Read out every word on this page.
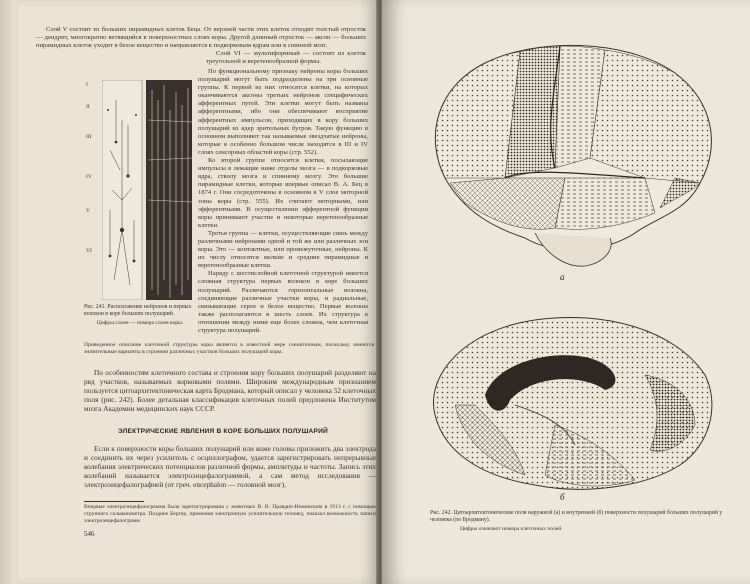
Слой V состоит из больших пирамидных клеток Беца. От верхней части этих клеток отходит толстый отросток — дендрит, многократно ветвящийся в поверхностных слоях коры. Другой длинный отросток — аксон — больших пирамидных клеток уходит в белое вещество и направляется к подкорковым ядрам или в спинной мозг.

Слой VI — мультиформный — состоит из клеток треугольной и веретенообразной формы.

I
II
III
IV
V
VI

По функциональному признаку нейроны коры больших полушарий могут быть подразделены на три основные группы. К первой из них относятся клетки, на которых оканчиваются аксоны третьих нейронов специфических афферентных путей. Эти клетки могут быть названы афферентными, ибо они обеспечивают восприятие афферентных импульсов, приходящих в кору больших полушарий из ядер зрительных бугров. Такую функцию в основном выполняют так называемые звездчатые нейроны, которые в особенно большом числе находятся в III и IV слоях сенсорных областей коры (стр. 552).

Ко второй группе относятся клетки, посылающие импульсы в лежащие ниже отделы мозга — в подкорковые ядра, стволу мозга и спинному мозгу. Это большие пирамидные клетки, которые впервые описал В. А. Бец в 1874 г. Они сосредоточены в основном в V слое моторной зоны коры (стр. 555). Их считают моторными, или эфферентными. В осуществлении эфферентной функции коры принимают участие и некоторые веретенообразные клетки.

Третья группа — клетки, осуществляющие связь между различными нейронами одной и той же или различных зон коры. Это — контактные, или промежуточные, нейроны. К их числу относятся мелкие и средние пирамидные и веретенообразные клетки.

Наряду с шестислойной клеточной структурой имеется сложная структура первых волокон в коре больших полушарий. Различаются горизонтальные волокна, соединяющие различные участки коры, и радиальные, связывающие серое и белое вещество. Первые волокна также располагаются в шесть слоев. Их структура в отношении между ними еще более сложна, чем клеточная структура полушарий.

Рис. 241. Расположение нейронов и первых волокон в коре больших полушарий.
Цифры слоев — номера слоев коры.
Приведенное описание клеточной структуры коры является в известной мере схематичным, поскольку имеются значительные варианты в строении различных участков больших полушарий коры.

По особенностям клеточного состава и строения кору больших полушарий разделяют на ряд участков, называемых корковыми полями. Широким международным признанием пользуется цитоархитектоническая карта Бродмана, который описал у человека 52 клеточных поля (рис. 242). Более детальная классификация клеточных полей предложена Институтом мозга Академии медицинских наук СССР.

ЭЛЕКТРИЧЕСКИЕ ЯВЛЕНИЯ В КОРЕ БОЛЬШИХ ПОЛУШАРИЙ

Если к поверхности коры больших полушарий или коже головы приложить два электрода и соединить их через усилитель с осциллографом, удается зарегистрировать непрерывные колебания электрических потенциалов различной формы, амплитуды и частоты. Запись этих колебаний называется электроэнцефалограммой, а сам метод исследования — электроэнцефалографией (от греч. encephalon — головной мозг).

Впервые электроэнцефалограмма была зарегистрирована у животных В. В. Правдич-Неминским в 1913 г. с помощью струнного гальванометра. Позднее Бергер, применив электронную усилительную технику, показал возможность записи электроэнцефалограмм
546
а
б
Рис. 242. Цитоархитектонические поля наружной (а) и внутренней (б) поверхности полушарий больших полушарий у человека (по Бродману).
Цифры означают номера клеточных полей.
